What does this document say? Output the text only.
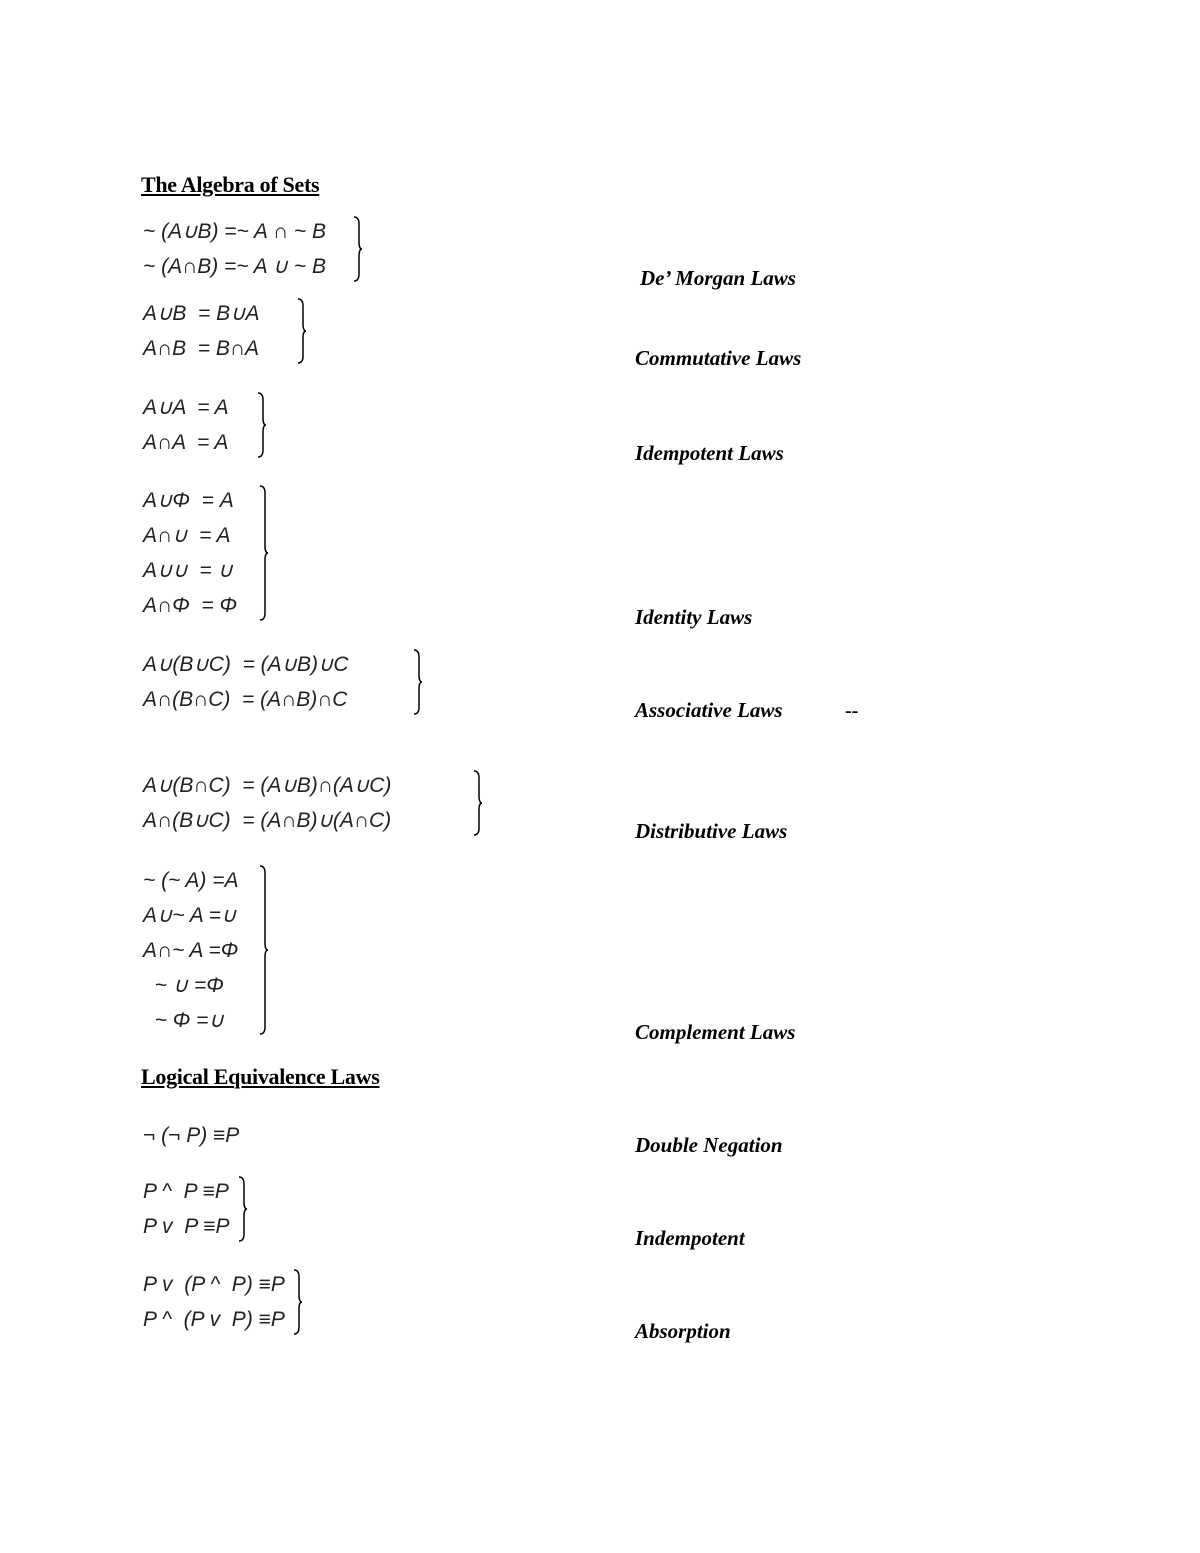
The Algebra of Sets
~ (A∪B) =~ A ∩ ~ B
~ (A∩B) =~ A ∪ ~ B	De’ Morgan Laws
A∪B  = B∪A
A∩B  = B∩A	Commutative Laws
A∪A  = A
A∩A  = A	Idempotent Laws
A∪Φ  = A
A∩∪  = A
A∪∪  = ∪
A∩Φ  = Φ	Identity Laws
A∪(B∪C)  = (A∪B)∪C
A∩(B∩C)  = (A∩B)∩C	Associative Laws	--
A∪(B∩C)  = (A∪B)∩(A∪C)
A∩(B∪C)  = (A∩B)∪(A∩C)	Distributive Laws
~ (~ A) =A
A∪~ A =∪
A∩~ A =Φ
~ ∪ =Φ
~ Φ =∪	Complement Laws
Logical Equivalence Laws
¬ (¬ P) ≡P	Double Negation
P ^  P ≡P
P v  P ≡P	Indempotent
P v  (P ^  P) ≡P
P ^  (P v  P) ≡P	Absorption
